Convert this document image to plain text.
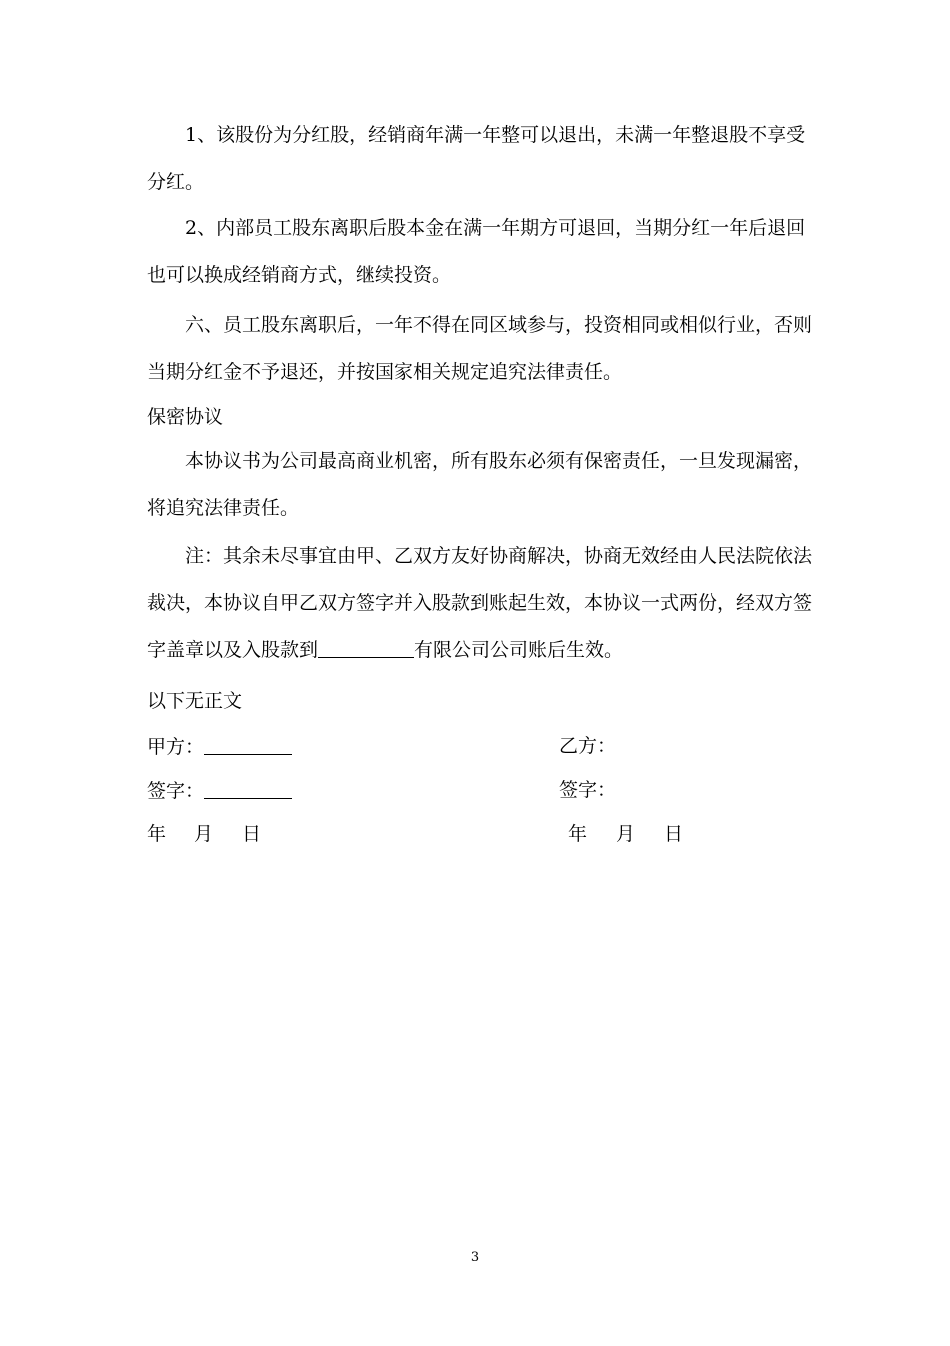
1、该股份为分红股，经销商年满一年整可以退出，未满一年整退股不享受
分红。
2、内部员工股东离职后股本金在满一年期方可退回，当期分红一年后退回
也可以换成经销商方式，继续投资。
六、员工股东离职后，一年不得在同区域参与，投资相同或相似行业，否则
当期分红金不予退还，并按国家相关规定追究法律责任。
保密协议
本协议书为公司最高商业机密，所有股东必须有保密责任，一旦发现漏密，
将追究法律责任。
注：其余未尽事宜由甲、乙双方友好协商解决，协商无效经由人民法院依法
裁决，本协议自甲乙双方签字并入股款到账起生效，本协议一式两份，经双方签
字盖章以及入股款到	有限公司公司账后生效。
以下无正文
甲方：	乙方：
签字：	签字：
年 月 日	年 月 日
3
